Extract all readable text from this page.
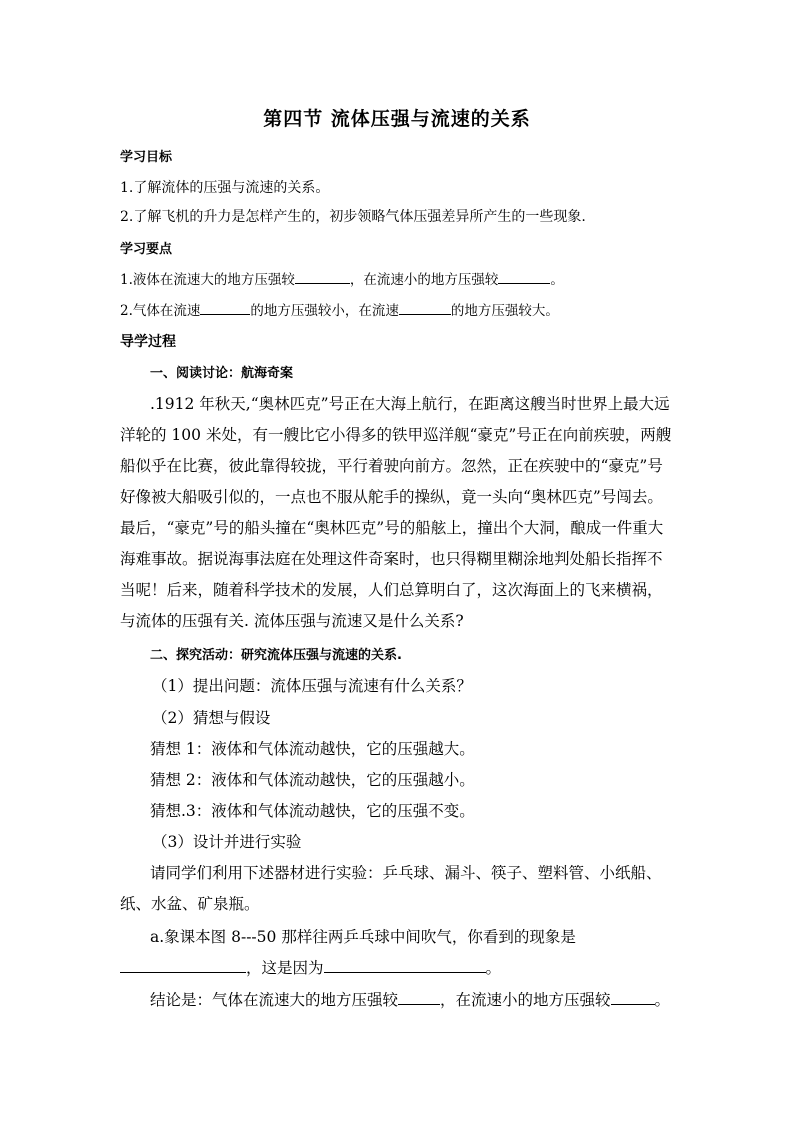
第四节 流体压强与流速的关系
学习目标
1.了解流体的压强与流速的关系。
2.了解飞机的升力是怎样产生的，初步领略气体压强差异所产生的一些现象.
学习要点
1.液体在流速大的地方压强较	，在流速小的地方压强较	。
2.气体在流速	的地方压强较小，在流速	的地方压强较大。
导学过程
一、阅读讨论：航海奇案
.1912 年秋天,“奥林匹克”号正在大海上航行，在距离这艘当时世界上最大远
洋轮的 100 米处，有一艘比它小得多的铁甲巡洋舰“豪克”号正在向前疾驶，两艘
船似乎在比赛，彼此靠得较拢，平行着驶向前方。忽然，正在疾驶中的“豪克”号
好像被大船吸引似的，一点也不服从舵手的操纵，竟一头向“奥林匹克”号闯去。
最后，“豪克”号的船头撞在“奥林匹克”号的船舷上，撞出个大洞，酿成一件重大
海难事故。据说海事法庭在处理这件奇案时，也只得糊里糊涂地判处船长指挥不
当呢！后来，随着科学技术的发展，人们总算明白了，这次海面上的飞来横祸，
与流体的压强有关. 流体压强与流速又是什么关系?
二、探究活动：研究流体压强与流速的关系.
（1）提出问题：流体压强与流速有什么关系？
（2）猜想与假设
猜想 1：液体和气体流动越快，它的压强越大。
猜想 2：液体和气体流动越快，它的压强越小。
猜想.3：液体和气体流动越快，它的压强不变。
（3）设计并进行实验
请同学们利用下述器材进行实验：乒乓球、漏斗、筷子、塑料管、小纸船、
纸、水盆、矿泉瓶。
a.象课本图 8---50 那样往两乒乓球中间吹气，你看到的现象是
，这是因为	。
结论是：气体在流速大的地方压强较	，在流速小的地方压强较	。
